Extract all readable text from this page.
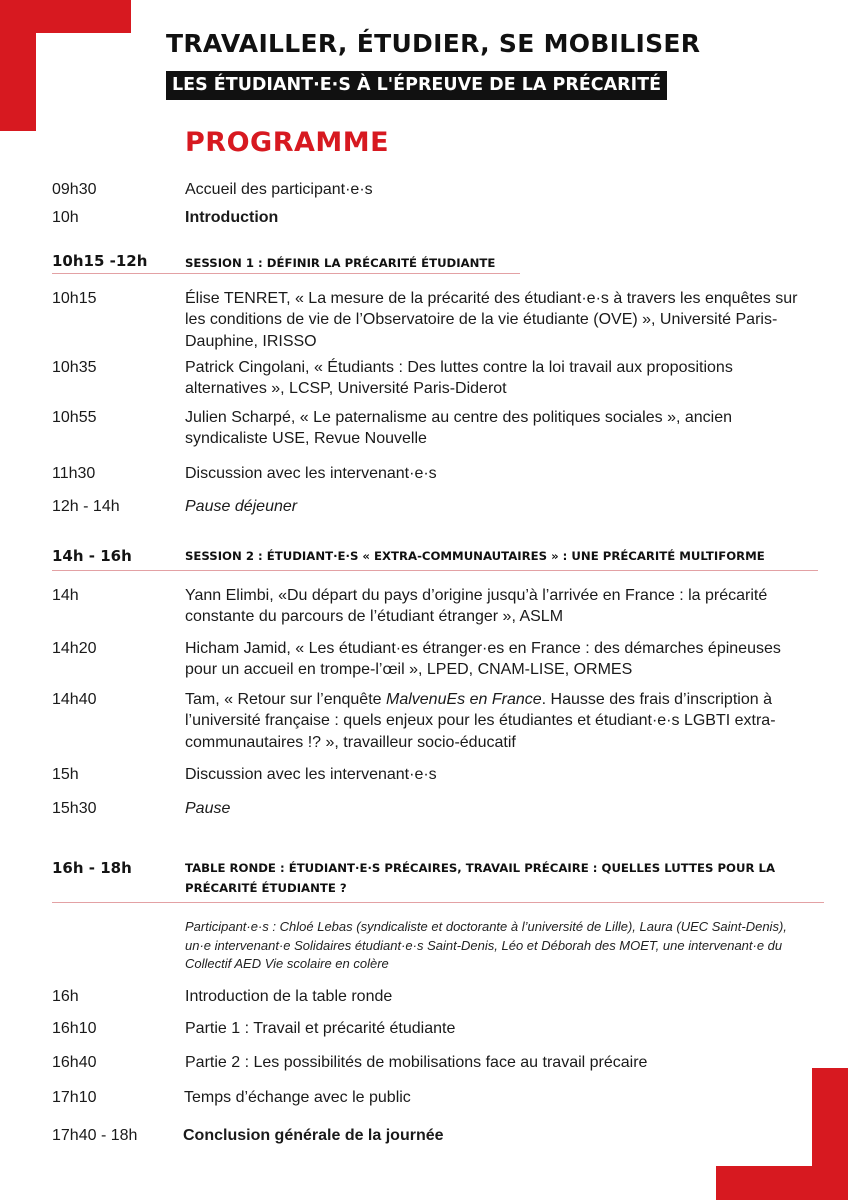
TRAVAILLER, ÉTUDIER, SE MOBILISER
LES ÉTUDIANT·E·S À L'ÉPREUVE DE LA PRÉCARITÉ
PROGRAMME
09h30	Accueil des participant·e·s
10h	Introduction
10h15 -12h	SESSION 1 : DÉFINIR LA PRÉCARITÉ ÉTUDIANTE
10h15	Élise TENRET, « La mesure de la précarité des étudiant·e·s à travers les enquêtes sur les conditions de vie de l’Observatoire de la vie étudiante (OVE) », Université Paris-Dauphine, IRISSO
10h35	Patrick Cingolani, « Étudiants : Des luttes contre la loi travail aux propositions alternatives », LCSP, Université Paris-Diderot
10h55	Julien Scharpé, « Le paternalisme au centre des politiques sociales », ancien syndicaliste USE, Revue Nouvelle
11h30	Discussion avec les intervenant·e·s
12h - 14h	Pause déjeuner
14h - 16h	SESSION 2 : ÉTUDIANT·E·S « EXTRA-COMMUNAUTAIRES » : UNE PRÉCARITÉ MULTIFORME
14h	Yann Elimbi, «Du départ du pays d’origine jusqu’à l’arrivée en France : la précarité constante du parcours de l’étudiant étranger », ASLM
14h20	Hicham Jamid, « Les étudiant·es étranger·es en France : des démarches épineuses pour un accueil en trompe-l’œil », LPED, CNAM-LISE, ORMES
14h40	Tam, « Retour sur l’enquête MalvenuEs en France. Hausse des frais d’inscription à l’université française : quels enjeux pour les étudiantes et étudiant·e·s LGBTI extra-communautaires !? », travailleur socio-éducatif
15h	Discussion avec les intervenant·e·s
15h30	Pause
16h - 18h	TABLE RONDE : ÉTUDIANT·E·S PRÉCAIRES, TRAVAIL PRÉCAIRE : QUELLES LUTTES POUR LA
PRÉCARITÉ ÉTUDIANTE ?
Participant·e·s : Chloé Lebas (syndicaliste et doctorante à l’université de Lille), Laura (UEC Saint-Denis), un·e intervenant·e Solidaires étudiant·e·s Saint-Denis, Léo et Déborah des MOET, une intervenant·e du Collectif AED Vie scolaire en colère
16h	Introduction de la table ronde
16h10	Partie 1 : Travail et précarité étudiante
16h40	Partie 2 : Les possibilités de mobilisations face au travail précaire
17h10	Temps d’échange avec le public
17h40 - 18h	Conclusion générale de la journée
